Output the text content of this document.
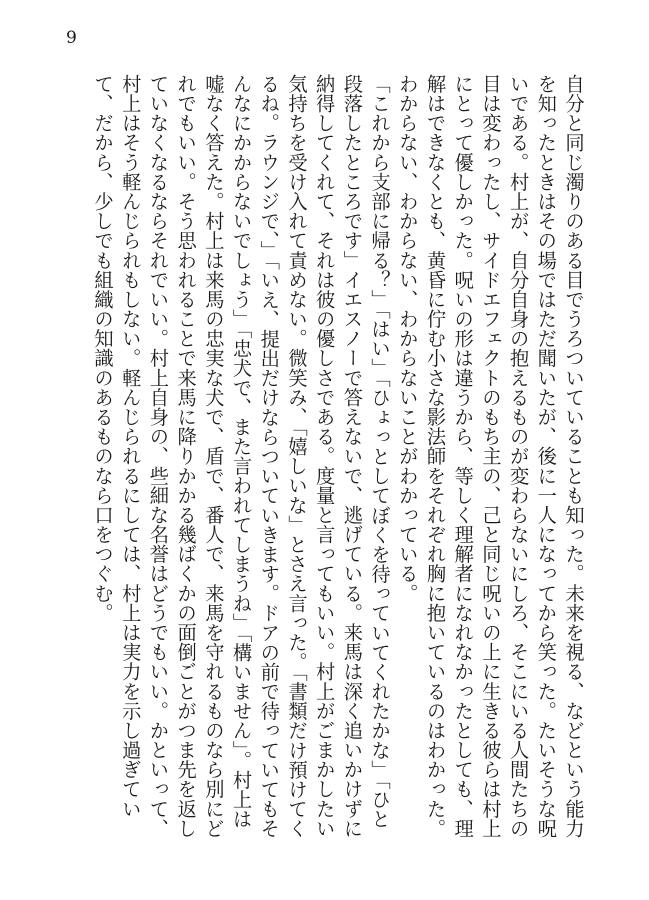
9

自分と同じ濁りのある目でうろついていることも知った。未来を視る、などという能力を知ったときはその場ではただ聞いたが、後に一人になってから笑った。たいそうな呪いである。村上が、自分自身の抱えるものが変わらないにしろ、そこにいる人間たちの目は変わったし、サイドエフェクトのもち主の、己と同じ呪いの上に生きる彼らは村上にとって優しかった。呪いの形は違うから、等しく理解者になれなかったとしても、理解はできなくとも、黄昏に佇む小さな影法師をそれぞれ胸に抱いているのはわかった。わからない、わからない、わからないことがわかっている。

「これから支部に帰る？」「はい」「ひょっとしてぼくを待っていてくれたかな」「ひと段落したところです」イエスノーで答えないで、逃げている。来馬は深く追いかけずに納得してくれて、それは彼の優しさである。度量と言ってもいい。村上がごまかしたい気持ちを受け入れて責めない。微笑み、「嬉しいな」とさえ言った。「書類だけ預けてくるね。ラウンジで、」「いえ、提出だけならついていきます。ドアの前で待っていてもそんなにかからないでしょう」「忠犬で、また言われてしまうね」「構いません」。村上は嘘なく答えた。村上は来馬の忠実な犬で、盾で、番人で、来馬を守れるものなら別にどれでもいい。そう思われることで来馬に降りかかる幾ばくかの面倒ごとがつま先を返していなくなるならそれでいい。村上自身の、些細な名誉はどうでもいい。かといって、村上はそう軽んじられもしない。軽んじられるにしては、村上は実力を示し過ぎていて、だから、少しでも組織の知識のあるものなら口をつぐむ。
